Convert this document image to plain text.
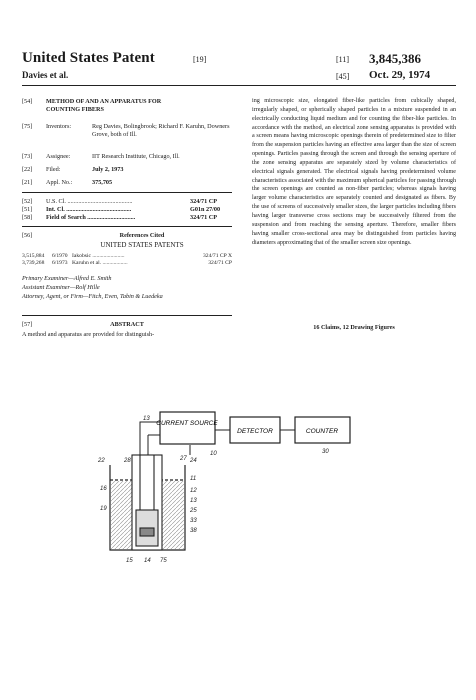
United States Patent	[19]	[11] 3,845,386
Davies et al.	[45] Oct. 29, 1974
[54]	METHOD OF AND AN APPARATUS FOR COUNTING FIBERS
[75]	Inventors:	Reg Davies, Bolingbrook; Richard F. Karuhn, Downers Grove, both of Ill.
[73]	Assignee:	IIT Research Institute, Chicago, Ill.
[22]	Filed:	July 2, 1973
[21]	Appl. No.:	375,705
[52]	U.S. Cl. ..........................................	324/71 CP
[51]	Int. Cl. ..........................................	G01n 27/00
[58]	Field of Search ...............................	324/71 CP
[56]	References Cited
UNITED STATES PATENTS
3,515,884	6/1970 Iakobsic .......................	324/71 CP X
3,739,268	6/1973 Karuhn et al. ..................	324/71 CP
Primary Examiner—Alfred E. Smith
Assistant Examiner—Rolf Hille
Attorney, Agent, or Firm—Fitch, Even, Tabin & Luedeka
[57]	ABSTRACT
A method and apparatus are provided for distinguish-
ing microscopic size, elongated fiber-like particles from cubically shaped, irregularly shaped, or spherically shaped particles in a mixture suspended in an electrically conducting liquid medium and for counting the fiber-like particles. In accordance with the method, an electrical zone sensing apparatus is provided with a screen means having microscopic openings therein of predetermined size to filter from the suspension particles having an effective area larger than the size of screen openings. Particles passing through the screen and through the sensing aperture of the zone sensing apparatus are separately sized by volume characteristics of electrical signals generated. The electrical signals having predetermined volume characteristics associated with the maximum spherical particles for passing through the screen openings are counted as non-fiber particles; whereas signals having larger volume characteristics are separately counted and designated as fibers. By the use of screens of successively smaller sizes, the larger particles including fibers having larger transverse cross sections may be successively filtered from the suspension and from reaching the sensing aperture. Therefore, smaller fibers having smaller cross-sectional area may be distinguished from particles having diameters approximating that of the smaller screen size openings.
16 Claims, 12 Drawing Figures
CURRENT SOURCE
DETECTOR	COUNTER
13
10	30
22	28	24
27
11
12
13
25
33
38
15 14 75
16
19
